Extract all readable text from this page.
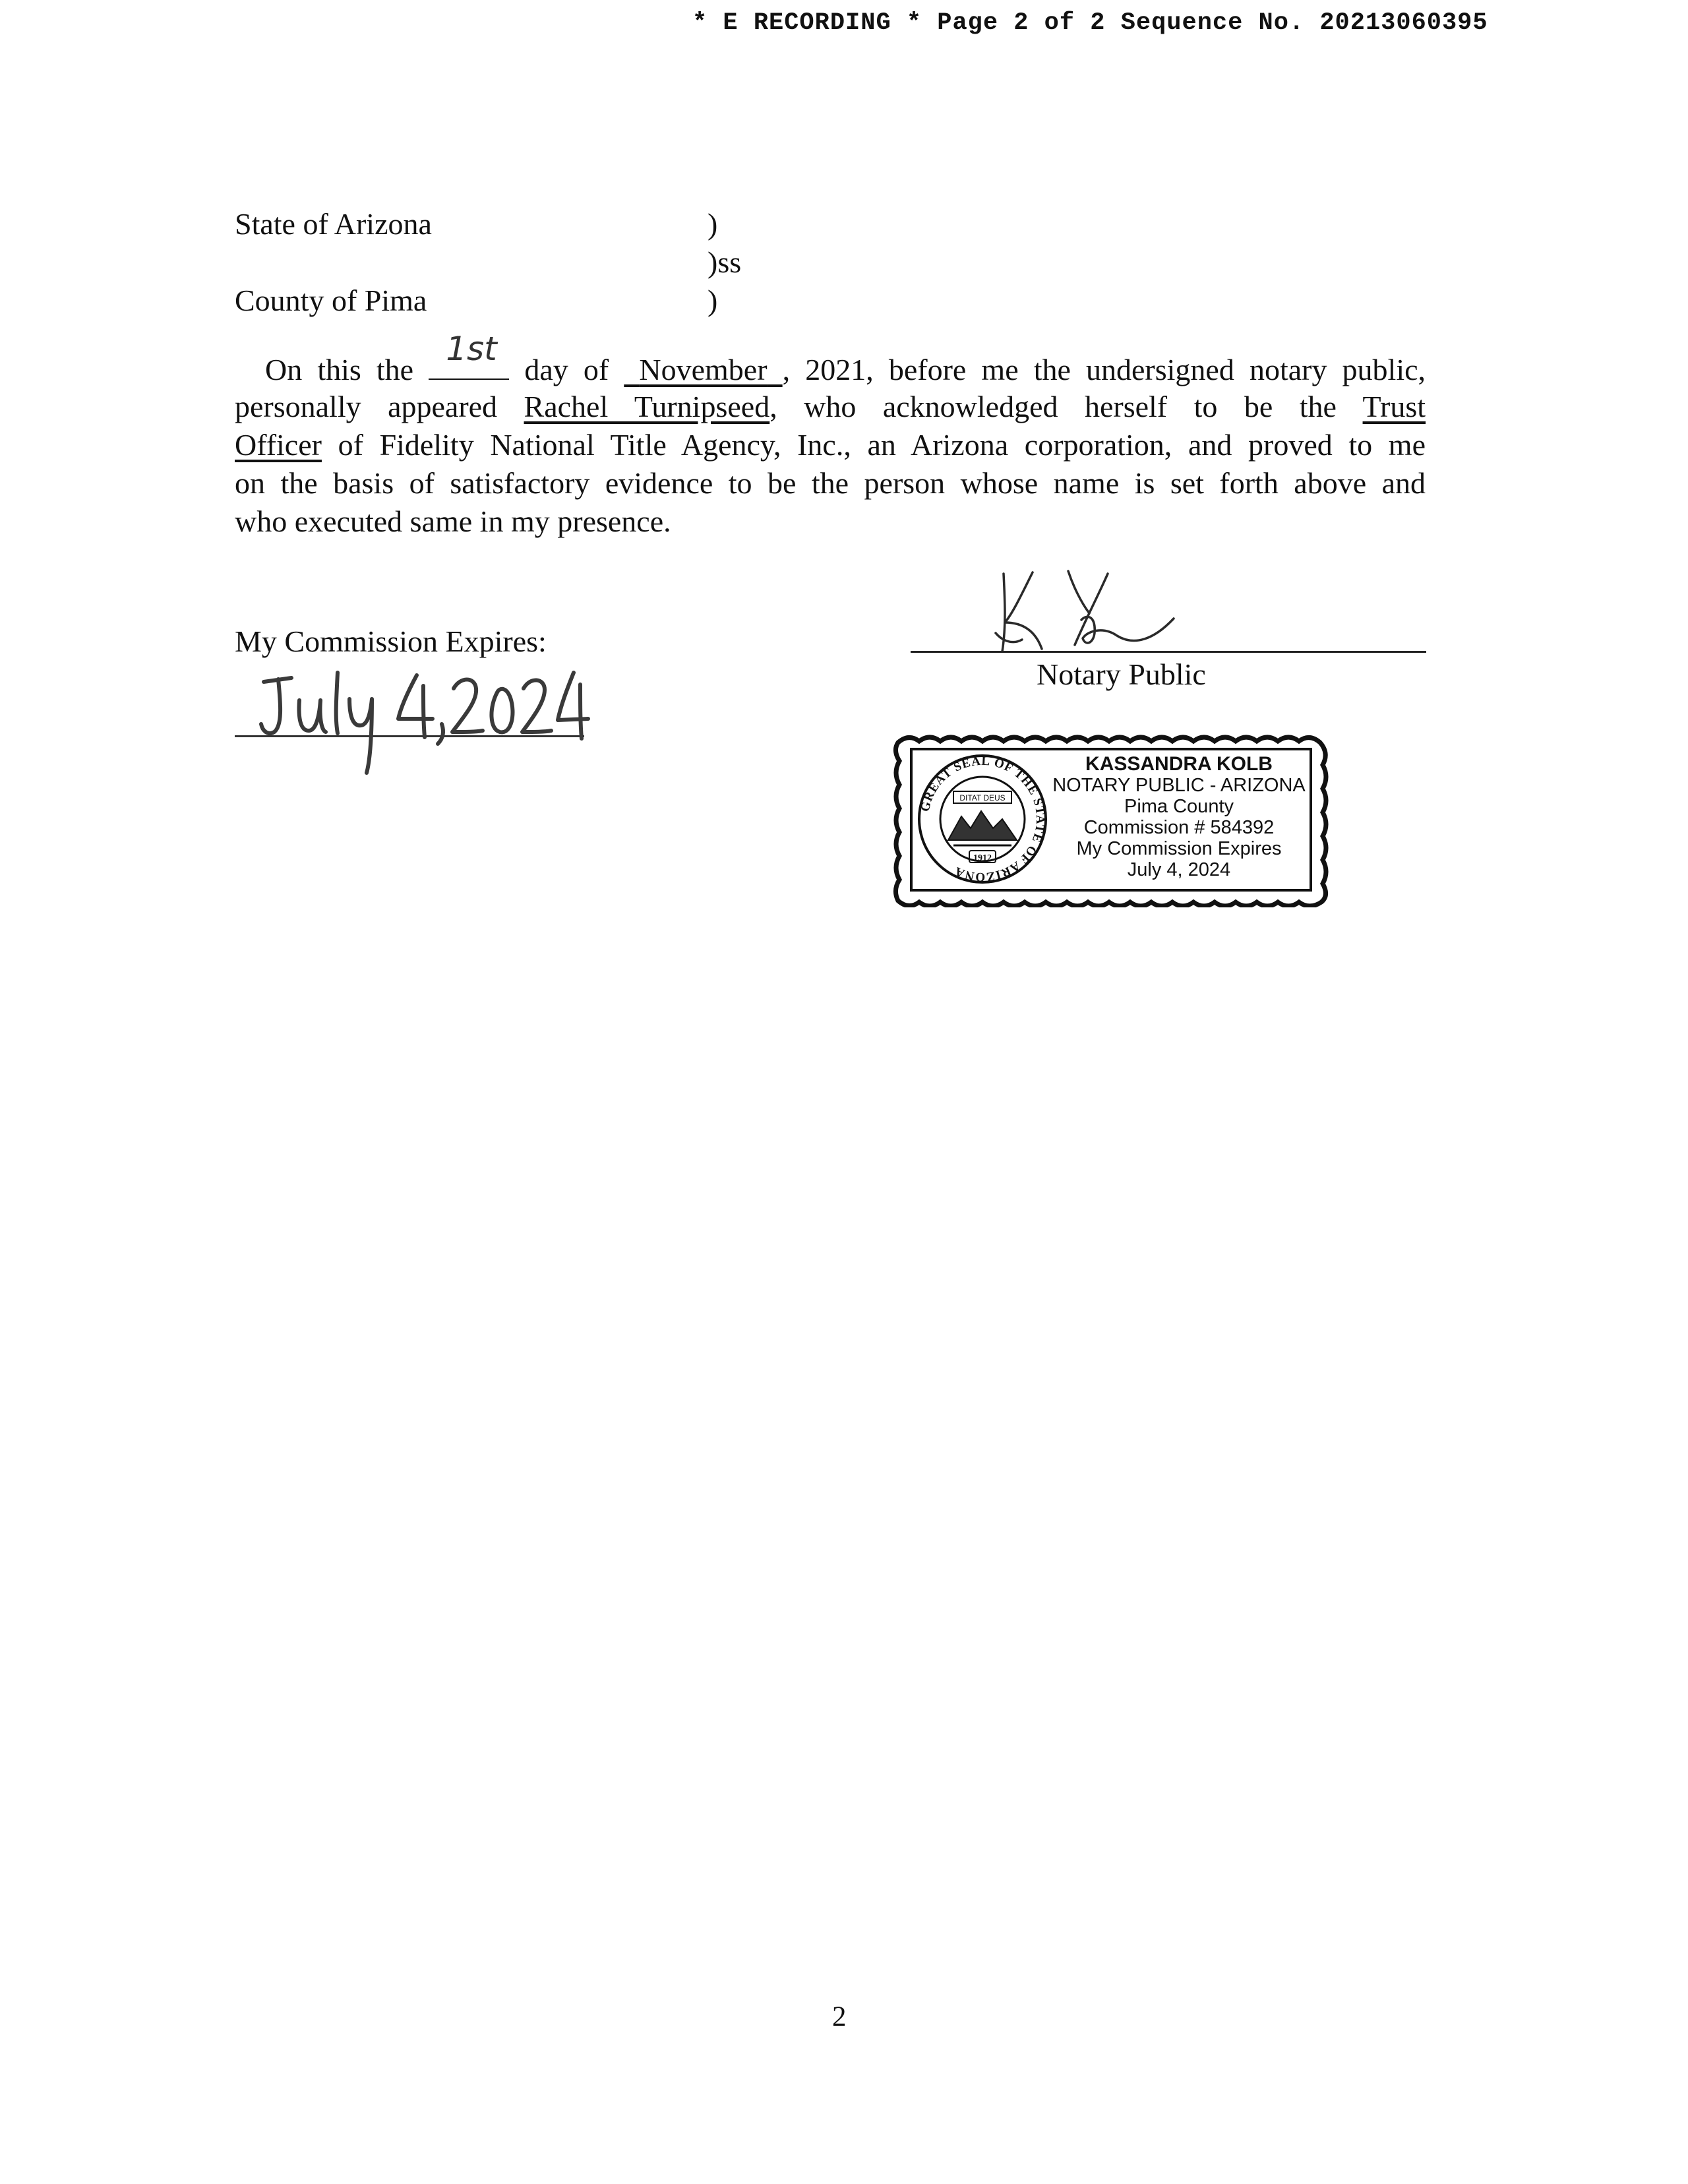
* E RECORDING * Page 2 of 2 Sequence No. 20213060395
State of Arizona
County of Pima
)
)ss
)
 On this the
1st
day of November , 2021, before me the undersigned notary public,
personally appeared Rachel Turnipseed, who acknowledged herself to be the Trust
Officer of Fidelity National Title Agency, Inc., an Arizona corporation, and proved to me
on the basis of satisfactory evidence to be the person whose name is set forth above and
who executed same in my presence.
My Commission Expires:
July 4, 2024	Notary Public
GREAT SEAL OF THE STATE OF ARIZONA
DITAT DEUS
1912
KASSANDRA KOLB
NOTARY PUBLIC - ARIZONA
Pima County
Commission # 584392
My Commission Expires
July 4, 2024
2
